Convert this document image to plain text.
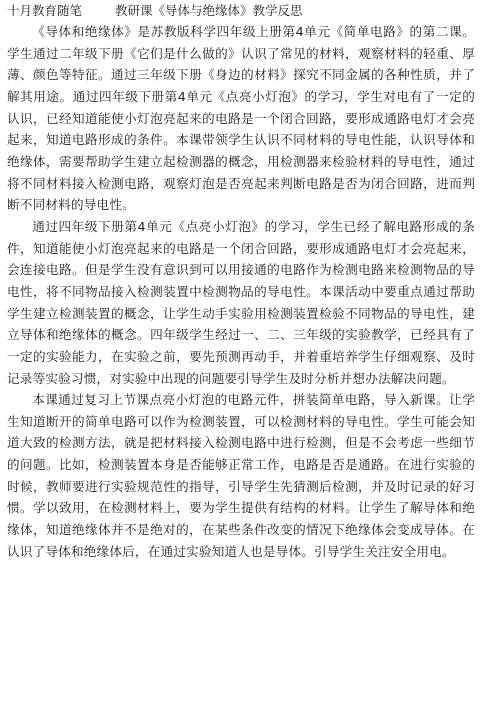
十月教育随笔	教研课《导体与绝缘体》教学反思

《导体和绝缘体》是苏教版科学四年级上册第4单元《简单电路》的第二课。学生通过二年级下册《它们是什么做的》认识了常见的材料，观察材料的轻重、厚薄、颜色等特征。通过三年级下册《身边的材料》探究不同金属的各种性质，并了解其用途。通过四年级下册第4单元《点亮小灯泡》的学习，学生对电有了一定的认识，已经知道能使小灯泡亮起来的电路是一个闭合回路，要形成通路电灯才会亮起来，知道电路形成的条件。本课带领学生认识不同材料的导电性能，认识导体和绝缘体，需要帮助学生建立起检测器的概念，用检测器来检验材料的导电性，通过将不同材料接入检测电路，观察灯泡是否亮起来判断电路是否为闭合回路，进而判断不同材料的导电性。

通过四年级下册第4单元《点亮小灯泡》的学习，学生已经了解电路形成的条件，知道能使小灯泡亮起来的电路是一个闭合回路，要形成通路电灯才会亮起来，会连接电路。但是学生没有意识到可以用接通的电路作为检测电路来检测物品的导电性，将不同物品接入检测装置中检测物品的导电性。本课活动中要重点通过帮助学生建立检测装置的概念，让学生动手实验用检测装置检验不同物品的导电性，建立导体和绝缘体的概念。四年级学生经过一、二、三年级的实验教学，已经具有了一定的实验能力，在实验之前，要先预测再动手，并着重培养学生仔细观察、及时记录等实验习惯，对实验中出现的问题要引导学生及时分析并想办法解决问题。

本课通过复习上节课点亮小灯泡的电路元件，拼装简单电路，导入新课。让学生知道断开的简单电路可以作为检测装置，可以检测材料的导电性。学生可能会知道大致的检测方法，就是把材料接入检测电路中进行检测，但是不会考虑一些细节的问题。比如，检测装置本身是否能够正常工作，电路是否是通路。在进行实验的时候，教师要进行实验规范性的指导，引导学生先猜测后检测，并及时记录的好习惯。学以致用，在检测材料上，要为学生提供有结构的材料。让学生了解导体和绝缘体，知道绝缘体并不是绝对的，在某些条件改变的情况下绝缘体会变成导体。在认识了导体和绝缘体后，在通过实验知道人也是导体。引导学生关注安全用电。
